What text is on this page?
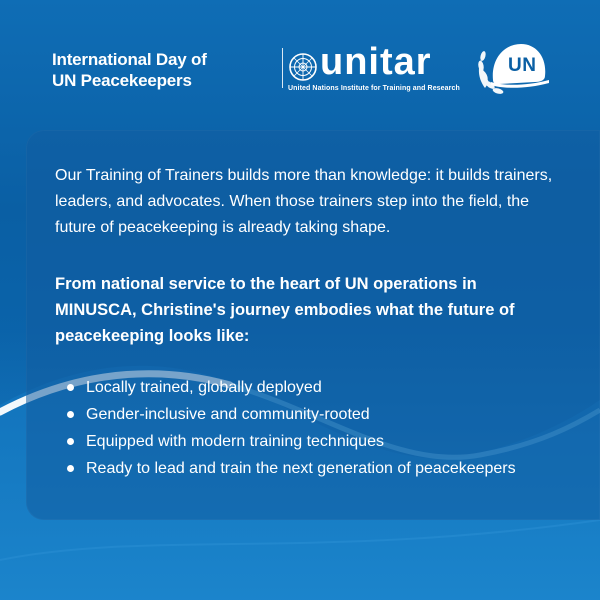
International Day of
UN Peacekeepers	unitar
United Nations Institute for Training and Research
UN

Our Training of Trainers builds more than knowledge: it builds trainers, leaders, and advocates. When those trainers step into the field, the future of peacekeeping is already taking shape.

From national service to the heart of UN operations in MINUSCA, Christine's journey embodies what the future of peacekeeping looks like:

Locally trained, globally deployed
Gender-inclusive and community-rooted
Equipped with modern training techniques
Ready to lead and train the next generation of peacekeepers
